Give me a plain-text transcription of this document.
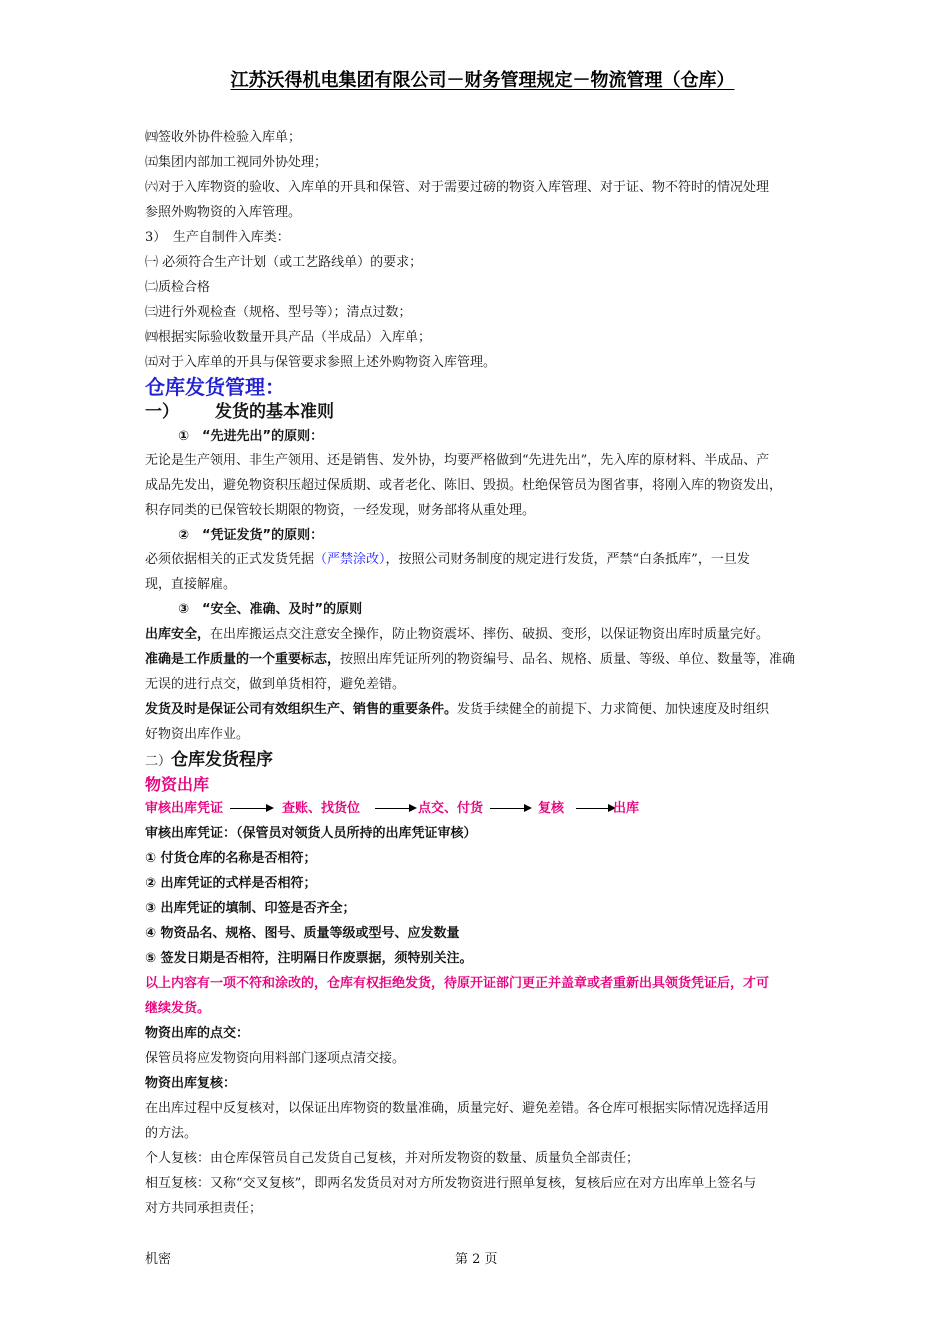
江苏沃得机电集团有限公司－财务管理规定－物流管理（仓库）
㈣签收外协件检验入库单；
㈤集团内部加工视同外协处理；
㈥对于入库物资的验收、入库单的开具和保管、对于需要过磅的物资入库管理、对于证、物不符时的情况处理
参照外购物资的入库管理。
3）　生产自制件入库类：
㈠ 必须符合生产计划（或工艺路线单）的要求；
㈡质检合格
㈢进行外观检查（规格、型号等）；清点过数；
㈣根据实际验收数量开具产品（半成品）入库单；
㈤对于入库单的开具与保管要求参照上述外购物资入库管理。
仓库发货管理：
一） 发货的基本准则
①　“先进先出”的原则：
无论是生产领用、非生产领用、还是销售、发外协，均要严格做到“先进先出”，先入库的原材料、半成品、产
成品先发出，避免物资积压超过保质期、或者老化、陈旧、毁损。杜绝保管员为图省事，将刚入库的物资发出，
积存同类的已保管较长期限的物资，一经发现，财务部将从重处理。
②　“凭证发货”的原则：
必须依据相关的正式发货凭据（严禁涂改），按照公司财务制度的规定进行发货，严禁“白条抵库”，一旦发
现，直接解雇。
③　“安全、准确、及时”的原则
出库安全，在出库搬运点交注意安全操作，防止物资震坏、摔伤、破损、变形，以保证物资出库时质量完好。
准确是工作质量的一个重要标志，按照出库凭证所列的物资编号、品名、规格、质量、等级、单位、数量等，准确
无误的进行点交，做到单货相符，避免差错。
发货及时是保证公司有效组织生产、销售的重要条件。发货手续健全的前提下、力求简便、加快速度及时组织
好物资出库作业。
二）仓库发货程序
物资出库
审核出库凭证	查账、找货位	点交、付货	复核	出库
审核出库凭证：（保管员对领货人员所持的出库凭证审核）
① 付货仓库的名称是否相符；
② 出库凭证的式样是否相符；
③ 出库凭证的填制、印签是否齐全；
④ 物资品名、规格、图号、质量等级或型号、应发数量
⑤ 签发日期是否相符，注明隔日作废票据，须特别关注。
以上内容有一项不符和涂改的，仓库有权拒绝发货，待原开证部门更正并盖章或者重新出具领货凭证后，才可
继续发货。
物资出库的点交：
保管员将应发物资向用料部门逐项点清交接。
物资出库复核：
在出库过程中反复核对，以保证出库物资的数量准确，质量完好、避免差错。各仓库可根据实际情况选择适用
的方法。
个人复核：由仓库保管员自己发货自己复核，并对所发物资的数量、质量负全部责任；
相互复核：又称“交叉复核”，即两名发货员对对方所发物资进行照单复核，复核后应在对方出库单上签名与
对方共同承担责任；
机密	第 2 页
